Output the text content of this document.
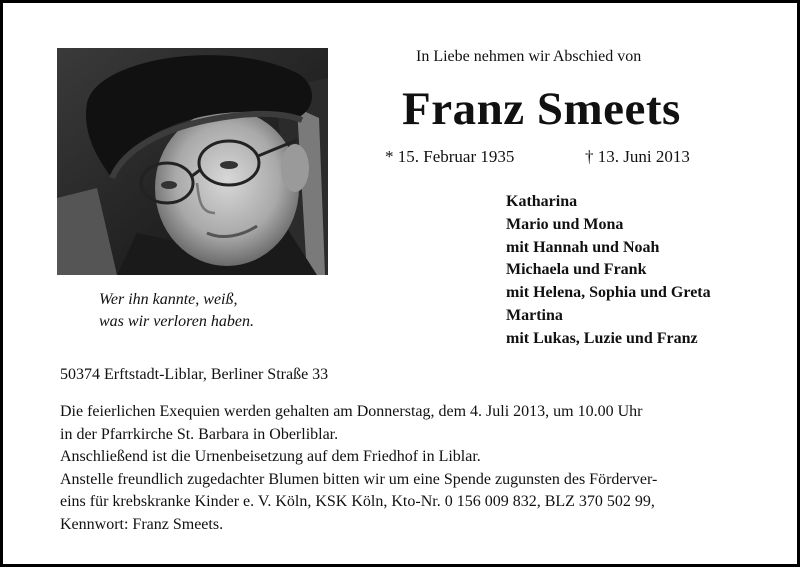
Wer ihn kannte, weiß,
was wir verloren haben.
In Liebe nehmen wir Abschied von
Franz Smeets
* 15. Februar 1935	† 13. Juni 2013
Katharina
Mario und Mona
mit Hannah und Noah
Michaela und Frank
mit Helena, Sophia und Greta
Martina
mit Lukas, Luzie und Franz
50374 Erftstadt-Liblar, Berliner Straße 33
Die feierlichen Exequien werden gehalten am Donnerstag, dem 4. Juli 2013, um 10.00 Uhr
in der Pfarrkirche St. Barbara in Oberliblar.
Anschließend ist die Urnenbeisetzung auf dem Friedhof in Liblar.
Anstelle freundlich zugedachter Blumen bitten wir um eine Spende zugunsten des Förderver-
eins für krebskranke Kinder e. V. Köln, KSK Köln, Kto-Nr. 0 156 009 832, BLZ 370 502 99,
Kennwort: Franz Smeets.
